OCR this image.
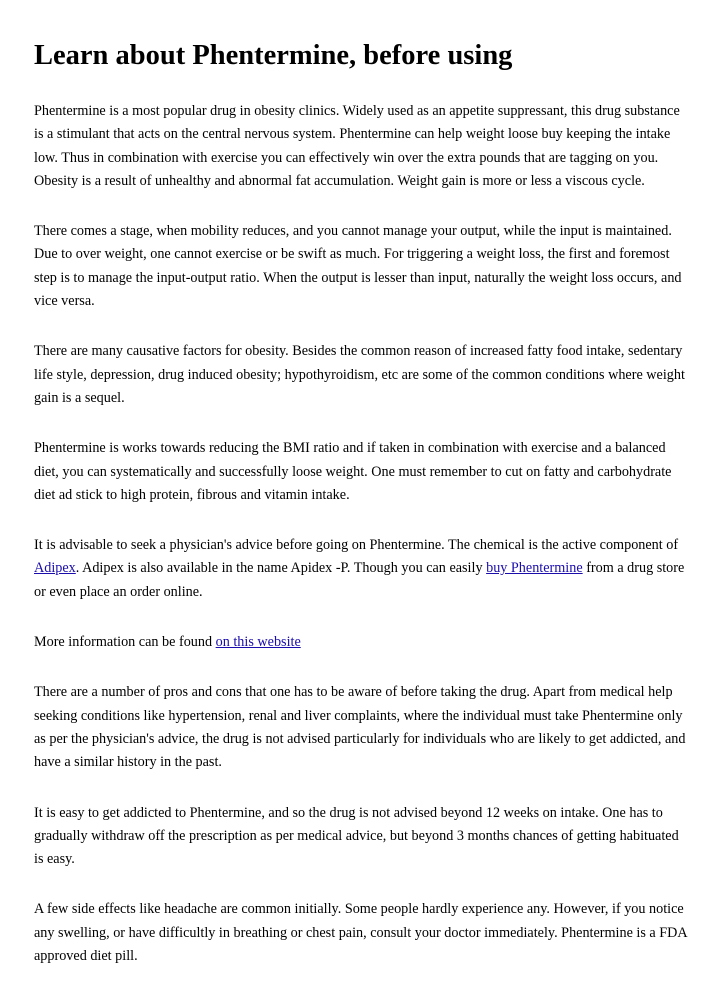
Learn about Phentermine, before using

Phentermine is a most popular drug in obesity clinics. Widely used as an appetite suppressant, this drug substance is a stimulant that acts on the central nervous system. Phentermine can help weight loose buy keeping the intake low. Thus in combination with exercise you can effectively win over the extra pounds that are tagging on you. Obesity is a result of unhealthy and abnormal fat accumulation. Weight gain is more or less a viscous cycle.

There comes a stage, when mobility reduces, and you cannot manage your output, while the input is maintained. Due to over weight, one cannot exercise or be swift as much. For triggering a weight loss, the first and foremost step is to manage the input-output ratio. When the output is lesser than input, naturally the weight loss occurs, and vice versa.

There are many causative factors for obesity. Besides the common reason of increased fatty food intake, sedentary life style, depression, drug induced obesity; hypothyroidism, etc are some of the common conditions where weight gain is a sequel.

Phentermine is works towards reducing the BMI ratio and if taken in combination with exercise and a balanced diet, you can systematically and successfully loose weight. One must remember to cut on fatty and carbohydrate diet ad stick to high protein, fibrous and vitamin intake.

It is advisable to seek a physician's advice before going on Phentermine. The chemical is the active component of Adipex. Adipex is also available in the name Apidex -P. Though you can easily buy Phentermine from a drug store or even place an order online.

More information can be found on this website

There are a number of pros and cons that one has to be aware of before taking the drug. Apart from medical help seeking conditions like hypertension, renal and liver complaints, where the individual must take Phentermine only as per the physician's advice, the drug is not advised particularly for individuals who are likely to get addicted, and have a similar history in the past.

It is easy to get addicted to Phentermine, and so the drug is not advised beyond 12 weeks on intake. One has to gradually withdraw off the prescription as per medical advice, but beyond 3 months chances of getting habituated is easy.

A few side effects like headache are common initially. Some people hardly experience any. However, if you notice any swelling, or have difficultly in breathing or chest pain, consult your doctor immediately. Phentermine is a FDA approved diet pill.
